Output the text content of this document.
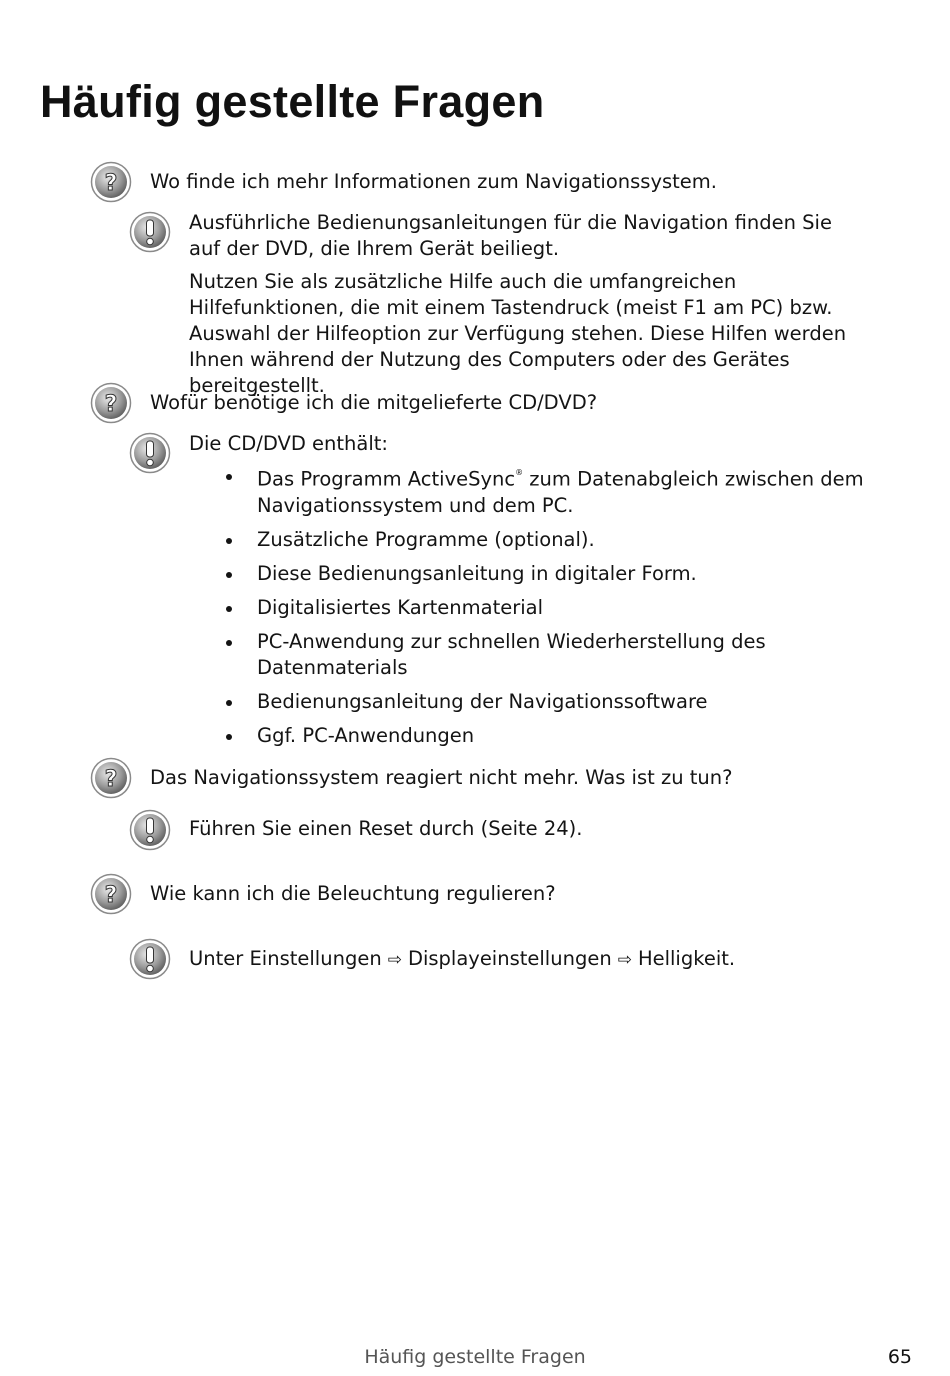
Häufig gestellte Fragen
Wo finde ich mehr Informationen zum Navigationssystem.

Ausführliche Bedienungsanleitungen für die Navigation finden Sie auf der DVD, die Ihrem Gerät beiliegt.

Nutzen Sie als zusätzliche Hilfe auch die umfangreichen Hilfefunktionen, die mit einem Tastendruck (meist F1 am PC) bzw. Auswahl der Hilfeoption zur Verfügung stehen. Diese Hilfen werden Ihnen während der Nutzung des Computers oder des Gerätes bereitgestellt.

Wofür benötige ich die mitgelieferte CD/DVD?
Die CD/DVD enthält:
Das Programm ActiveSync® zum Datenabgleich zwischen dem Navigationssystem und dem PC.
Zusätzliche Programme (optional).
Diese Bedienungsanleitung in digitaler Form.
Digitalisiertes Kartenmaterial
PC-Anwendung zur schnellen Wiederherstellung des Datenmaterials
Bedienungsanleitung der Navigationssoftware
Ggf. PC-Anwendungen
Das Navigationssystem reagiert nicht mehr. Was ist zu tun?
Führen Sie einen Reset durch (Seite 24).
Wie kann ich die Beleuchtung regulieren?
Unter Einstellungen ⇨ Displayeinstellungen ⇨ Helligkeit.
Häufig gestellte Fragen	65
